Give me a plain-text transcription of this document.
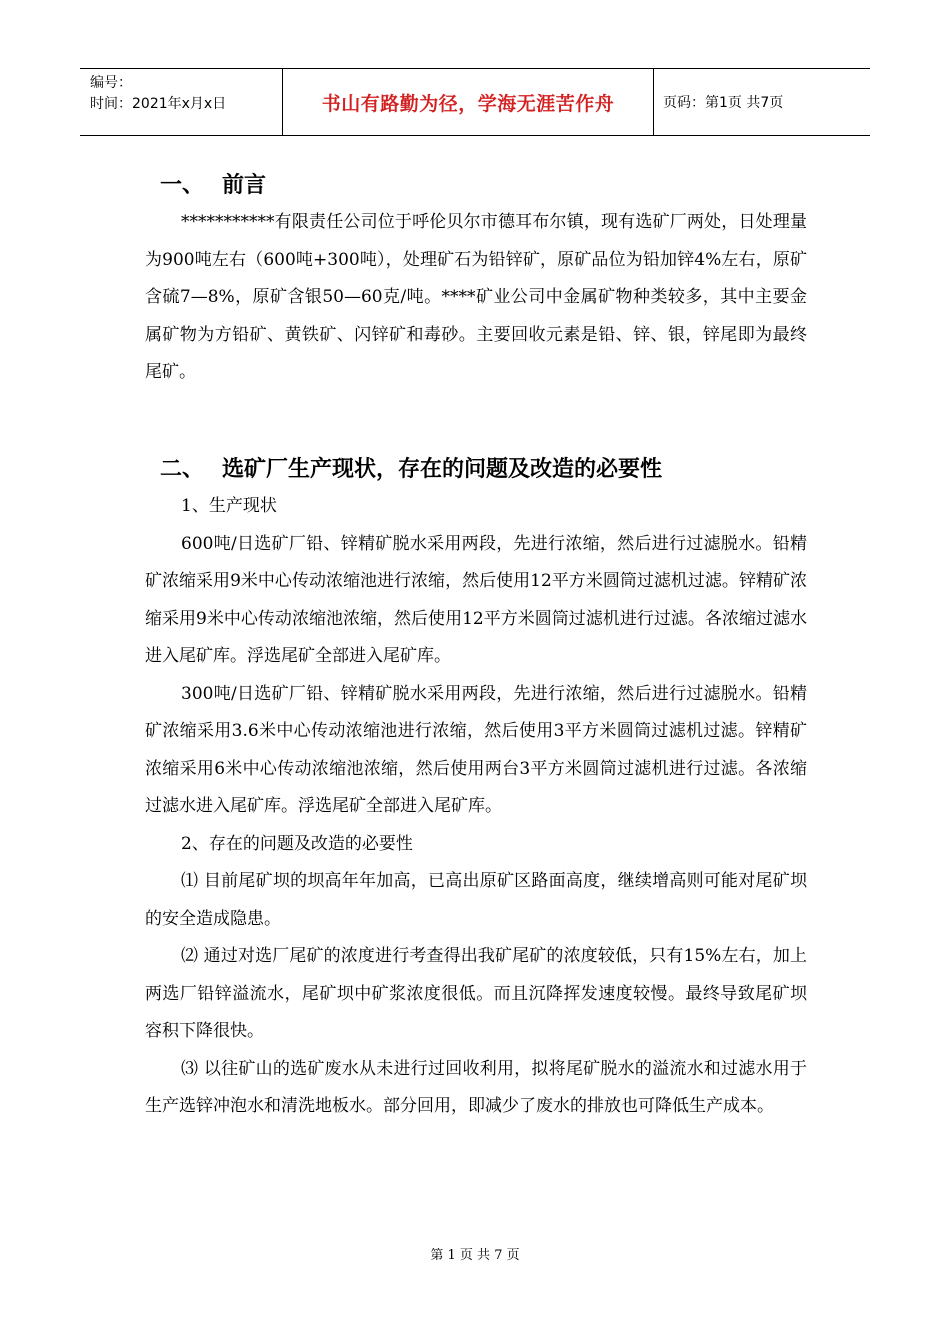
编号：
时间：2021年x月x日	书山有路勤为径，学海无涯苦作舟	页码：第1页 共7页
一、 前言

***********有限责任公司位于呼伦贝尔市德耳布尔镇，现有选矿厂两处，日处理量为900吨左右（600吨+300吨），处理矿石为铅锌矿，原矿品位为铅加锌4%左右，原矿含硫7—8%，原矿含银50—60克/吨。****矿业公司中金属矿物种类较多，其中主要金属矿物为方铅矿、黄铁矿、闪锌矿和毒砂。主要回收元素是铅、锌、银，锌尾即为最终尾矿。

二、 选矿厂生产现状，存在的问题及改造的必要性

1、生产现状

600吨/日选矿厂铅、锌精矿脱水采用两段，先进行浓缩，然后进行过滤脱水。铅精矿浓缩采用9米中心传动浓缩池进行浓缩，然后使用12平方米圆筒过滤机过滤。锌精矿浓缩采用9米中心传动浓缩池浓缩，然后使用12平方米圆筒过滤机进行过滤。各浓缩过滤水进入尾矿库。浮选尾矿全部进入尾矿库。

300吨/日选矿厂铅、锌精矿脱水采用两段，先进行浓缩，然后进行过滤脱水。铅精矿浓缩采用3.6米中心传动浓缩池进行浓缩，然后使用3平方米圆筒过滤机过滤。锌精矿浓缩采用6米中心传动浓缩池浓缩，然后使用两台3平方米圆筒过滤机进行过滤。各浓缩过滤水进入尾矿库。浮选尾矿全部进入尾矿库。

2、存在的问题及改造的必要性

⑴ 目前尾矿坝的坝高年年加高，已高出原矿区路面高度，继续增高则可能对尾矿坝的安全造成隐患。

⑵ 通过对选厂尾矿的浓度进行考查得出我矿尾矿的浓度较低，只有15%左右，加上两选厂铅锌溢流水，尾矿坝中矿浆浓度很低。而且沉降挥发速度较慢。最终导致尾矿坝容积下降很快。

⑶ 以往矿山的选矿废水从未进行过回收利用，拟将尾矿脱水的溢流水和过滤水用于生产选锌冲泡水和清洗地板水。部分回用，即减少了废水的排放也可降低生产成本。

第 1 页 共 7 页
